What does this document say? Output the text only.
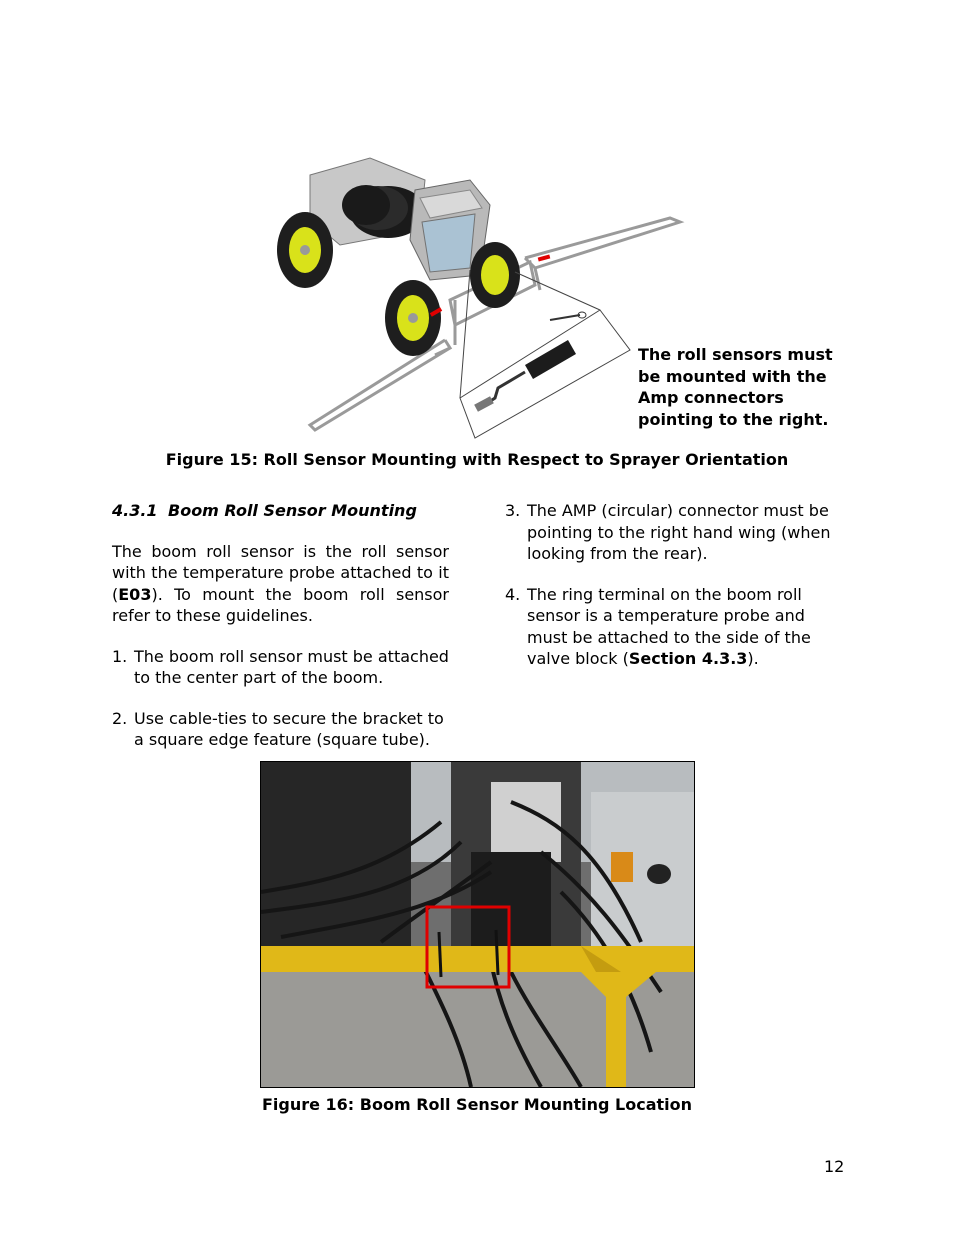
The roll sensors must be mounted with the Amp connectors pointing to the right.
Figure 15: Roll Sensor Mounting with Respect to Sprayer Orientation
4.3.1 Boom Roll Sensor Mounting
The boom roll sensor is the roll sensor with the temperature probe attached to it (E03). To mount the boom roll sensor refer to these guidelines.
1. The boom roll sensor must be attached to the center part of the boom.
2. Use cable-ties to secure the bracket to a square edge feature (square tube).
3. The AMP (circular) connector must be pointing to the right hand wing (when looking from the rear).
4. The ring terminal on the boom roll sensor is a temperature probe and must be attached to the side of the valve block (Section 4.3.3).
Figure 16: Boom Roll Sensor Mounting Location
12
